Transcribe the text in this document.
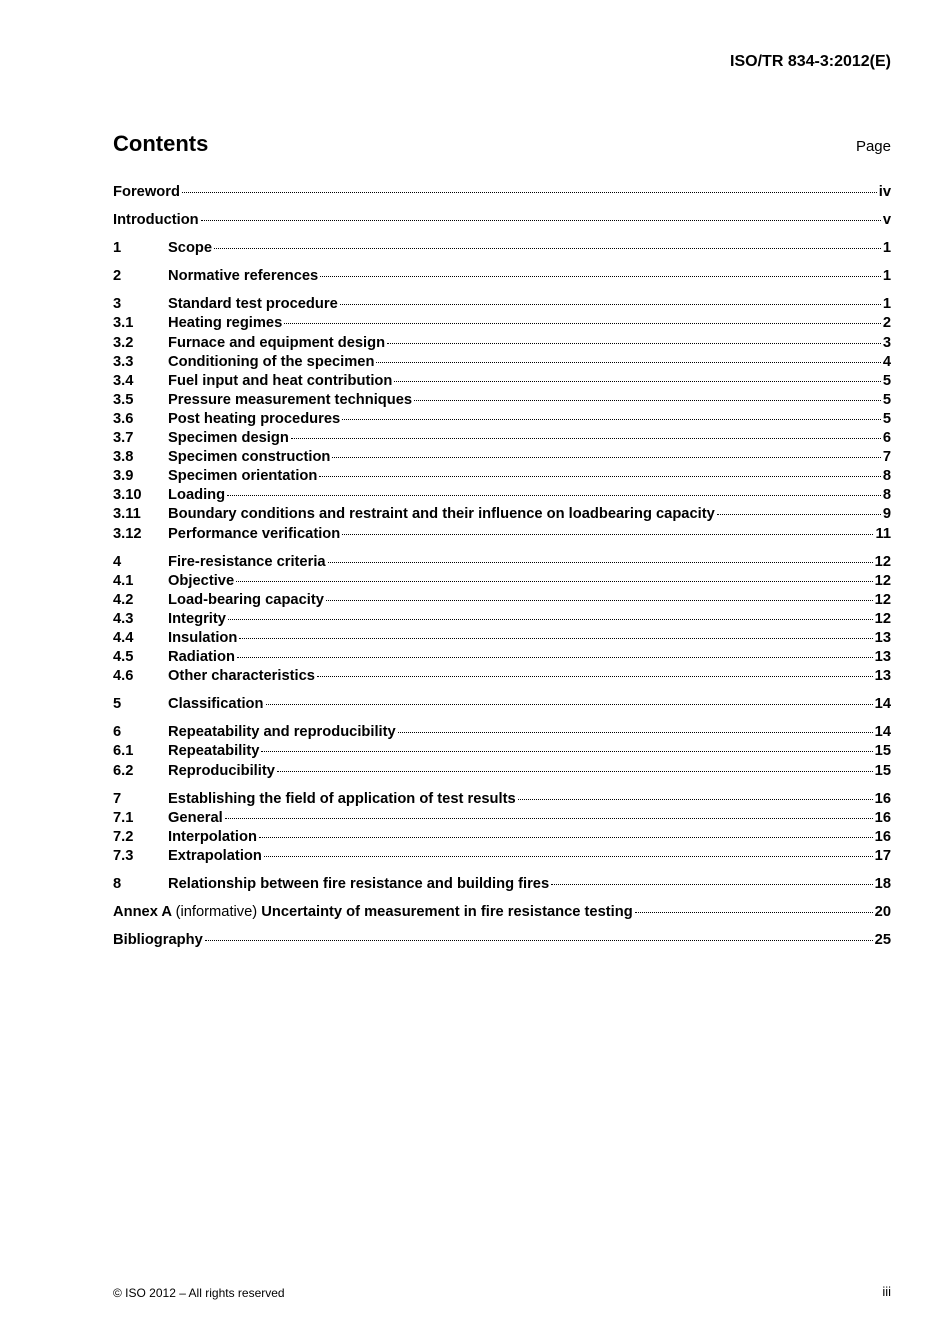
ISO/TR 834-3:2012(E)
Contents	Page
Foreword	iv
Introduction	v
1	Scope	1
2	Normative references	1
3	Standard test procedure	1
3.1	Heating regimes	2
3.2	Furnace and equipment design	3
3.3	Conditioning of the specimen	4
3.4	Fuel input and heat contribution	5
3.5	Pressure measurement techniques	5
3.6	Post heating procedures	5
3.7	Specimen design	6
3.8	Specimen construction	7
3.9	Specimen orientation	8
3.10	Loading	8
3.11	Boundary conditions and restraint and their influence on loadbearing capacity	9
3.12	Performance verification	11
4	Fire-resistance criteria	12
4.1	Objective	12
4.2	Load-bearing capacity	12
4.3	Integrity	12
4.4	Insulation	13
4.5	Radiation	13
4.6	Other characteristics	13
5	Classification	14
6	Repeatability and reproducibility	14
6.1	Repeatability	15
6.2	Reproducibility	15
7	Establishing the field of application of test results	16
7.1	General	16
7.2	Interpolation	16
7.3	Extrapolation	17
8	Relationship between fire resistance and building fires	18
Annex A (informative) Uncertainty of measurement in fire resistance testing	20
Bibliography	25
© ISO 2012 – All rights reserved	iii
